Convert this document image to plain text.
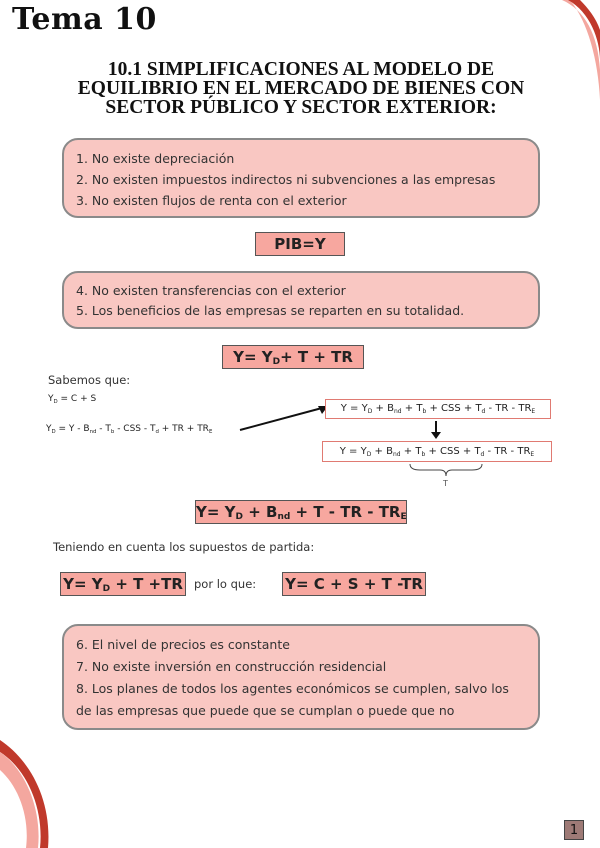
Tema 10
10.1 SIMPLIFICACIONES AL MODELO DE
EQUILIBRIO EN EL MERCADO DE BIENES CON
SECTOR PÚBLICO Y SECTOR EXTERIOR:
1. No existe depreciación
2. No existen impuestos indirectos ni subvenciones a las empresas
3. No existen flujos de renta con el exterior
PIB=Y
4. No existen transferencias con el exterior
5. Los beneficios de las empresas se reparten en su totalidad.
$Y= Y_D+ T$ + TR
Sabemos que:
$Y_D = C + S$
$Y_D = Y - B_{nd} - T_b$ - CSS - $T_d$ + TR + $TR_E$
$Y = Y_D + B_{nd} + T_b$ + CSS + $T_d$ - TR - $TR_E$
$Y = Y_D + B_{nd} + T_b$ + CSS + $T_d$ - TR - $TR_E$
T
$Y= Y_D + B_{nd} + T$ - TR - $TR_E$
Teniendo en cuenta los supuestos de partida:
$Y= Y_D + T +TR$ por lo que: Y= C + S + T -TR
6. El nivel de precios es constante
7. No existe inversión en construcción residencial
8. Los planes de todos los agentes económicos se cumplen, salvo los
de las empresas que puede que se cumplan o puede que no
1
